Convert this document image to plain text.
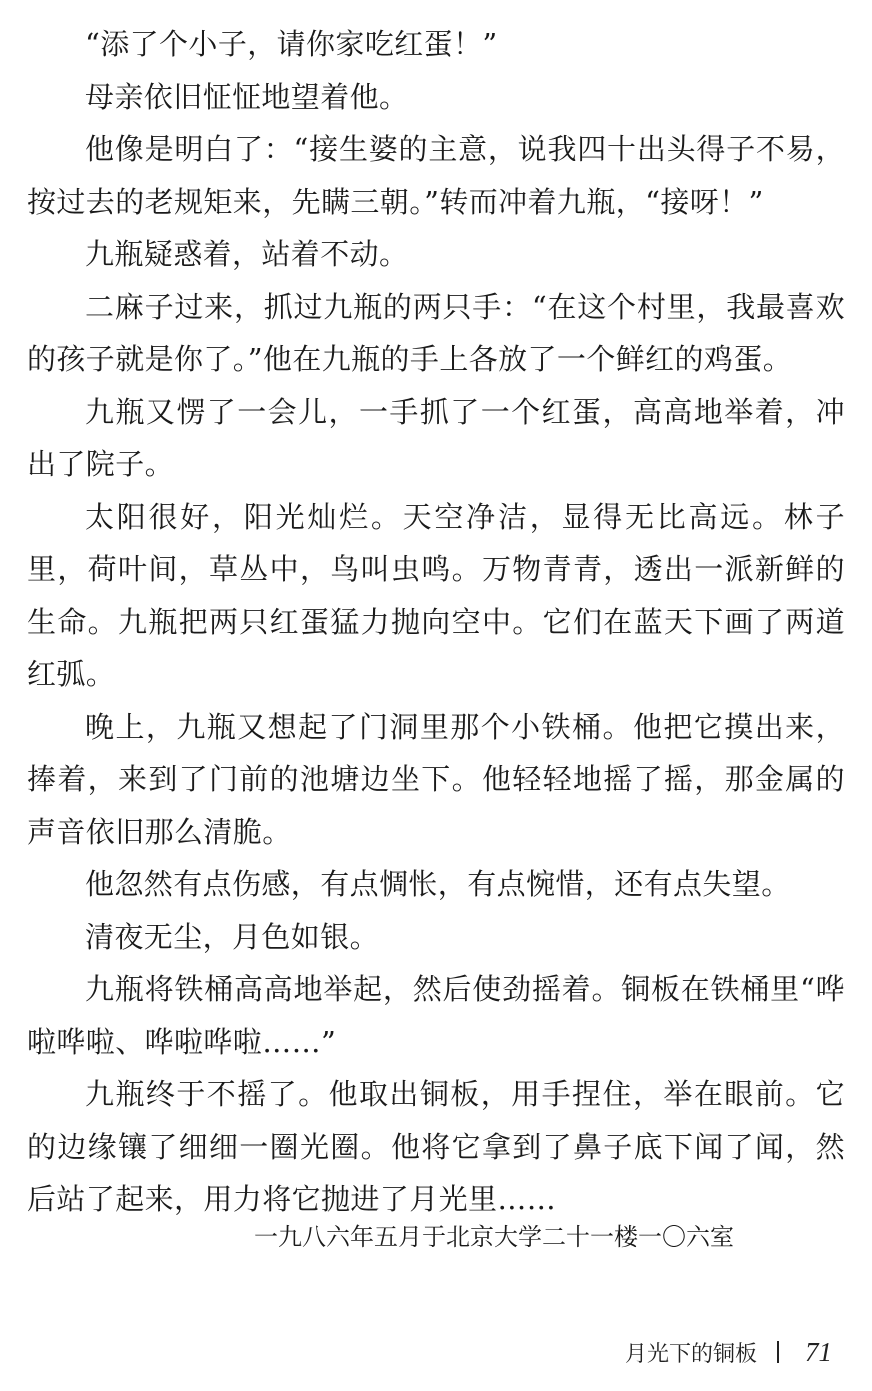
“添了个小子，请你家吃红蛋！”

母亲依旧怔怔地望着他。

他像是明白了：“接生婆的主意，说我四十出头得子不易，按过去的老规矩来，先瞒三朝。”转而冲着九瓶，“接呀！”

九瓶疑惑着，站着不动。

二麻子过来，抓过九瓶的两只手：“在这个村里，我最喜欢的孩子就是你了。”他在九瓶的手上各放了一个鲜红的鸡蛋。

九瓶又愣了一会儿，一手抓了一个红蛋，高高地举着，冲出了院子。

太阳很好，阳光灿烂。天空净洁，显得无比高远。林子里，荷叶间，草丛中，鸟叫虫鸣。万物青青，透出一派新鲜的生命。九瓶把两只红蛋猛力抛向空中。它们在蓝天下画了两道红弧。

晚上，九瓶又想起了门洞里那个小铁桶。他把它摸出来，捧着，来到了门前的池塘边坐下。他轻轻地摇了摇，那金属的声音依旧那么清脆。

他忽然有点伤感，有点惆怅，有点惋惜，还有点失望。

清夜无尘，月色如银。

九瓶将铁桶高高地举起，然后使劲摇着。铜板在铁桶里“哗啦哗啦、哗啦哗啦……”

九瓶终于不摇了。他取出铜板，用手捏住，举在眼前。它的边缘镶了细细一圈光圈。他将它拿到了鼻子底下闻了闻，然后站了起来，用力将它抛进了月光里……

一九八六年五月于北京大学二十一楼一〇六室
月光下的铜板 71
